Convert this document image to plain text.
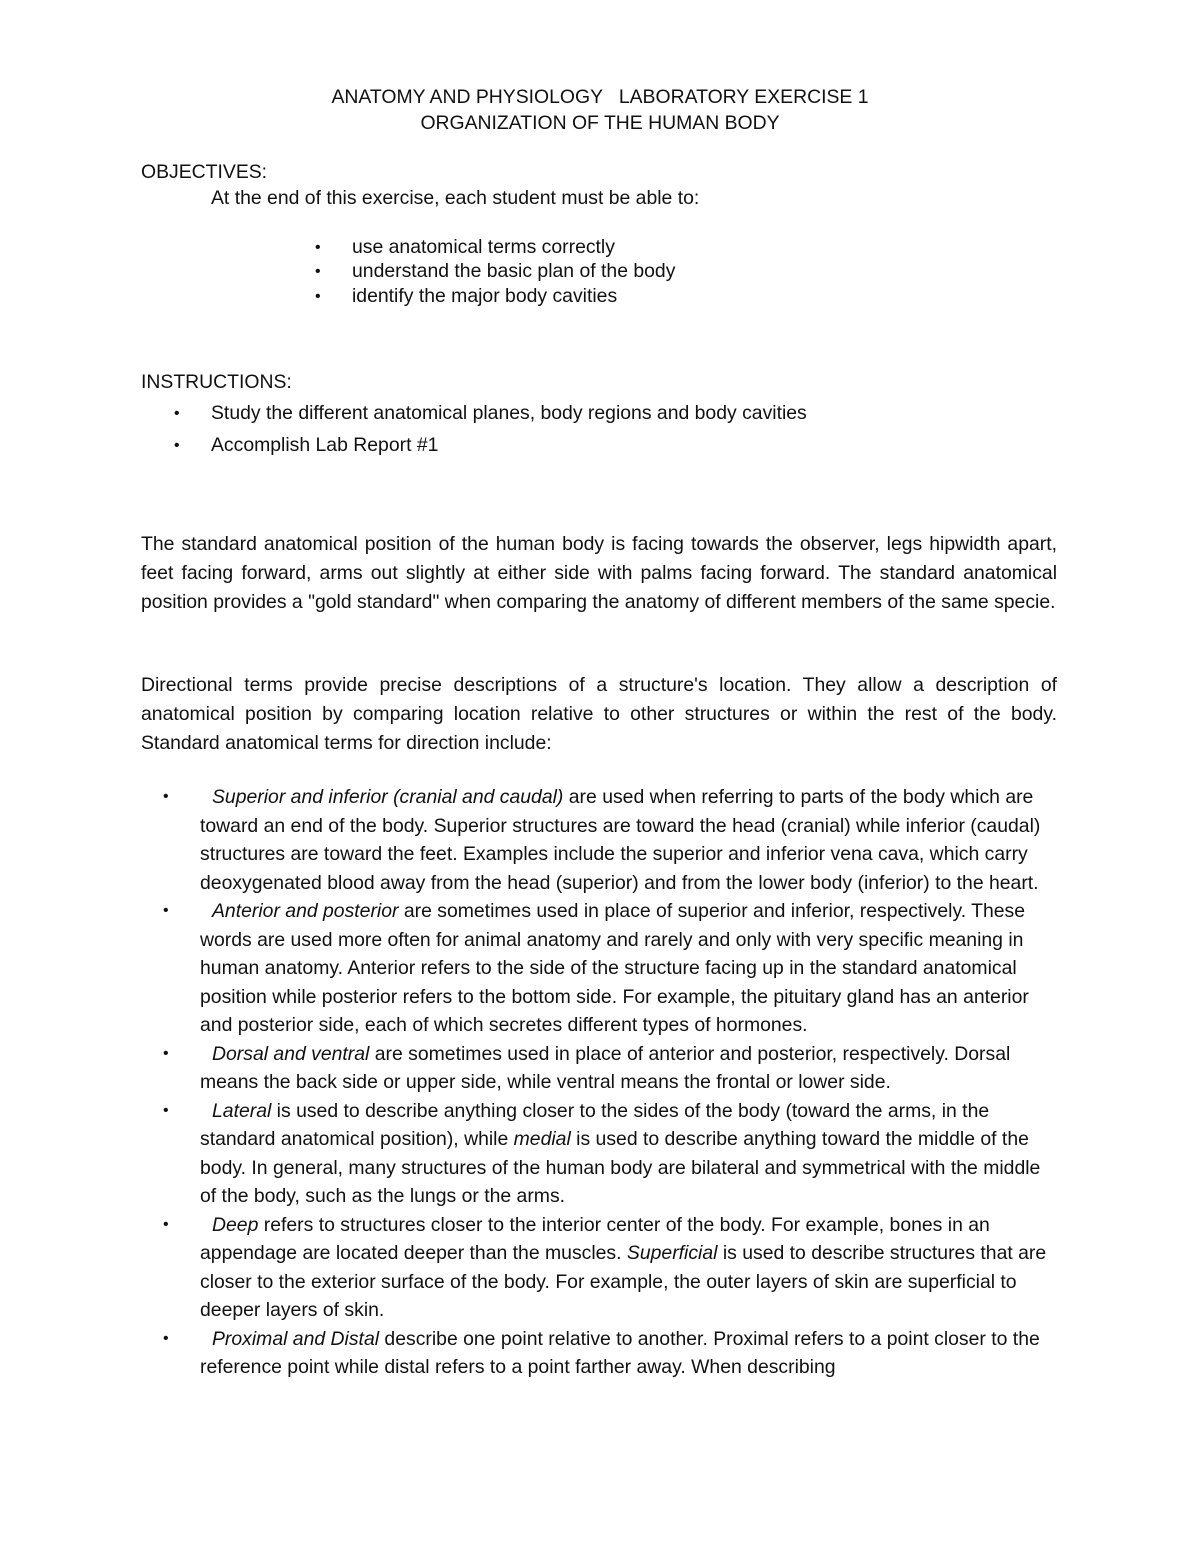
ANATOMY AND PHYSIOLOGY   LABORATORY EXERCISE 1
ORGANIZATION OF THE HUMAN BODY
OBJECTIVES:
At the end of this exercise, each student must be able to:
• use anatomical terms correctly
• understand the basic plan of the body
• identify the major body cavities
INSTRUCTIONS:
• Study the different anatomical planes, body regions and body cavities
• Accomplish Lab Report #1

The standard anatomical position of the human body is facing towards the observer, legs hipwidth apart, feet facing forward, arms out slightly at either side with palms facing forward. The standard anatomical position provides a "gold standard" when comparing the anatomy of different members of the same specie.

Directional terms provide precise descriptions of a structure's location. They allow a description of anatomical position by comparing location relative to other structures or within the rest of the body. Standard anatomical terms for direction include:

• Superior and inferior (cranial and caudal) are used when referring to parts of the body which are toward an end of the body. Superior structures are toward the head (cranial) while inferior (caudal) structures are toward the feet. Examples include the superior and inferior vena cava, which carry deoxygenated blood away from the head (superior) and from the lower body (inferior) to the heart.
• Anterior and posterior are sometimes used in place of superior and inferior, respectively. These words are used more often for animal anatomy and rarely and only with very specific meaning in human anatomy. Anterior refers to the side of the structure facing up in the standard anatomical position while posterior refers to the bottom side. For example, the pituitary gland has an anterior and posterior side, each of which secretes different types of hormones.
• Dorsal and ventral are sometimes used in place of anterior and posterior, respectively. Dorsal means the back side or upper side, while ventral means the frontal or lower side.
• Lateral is used to describe anything closer to the sides of the body (toward the arms, in the standard anatomical position), while medial is used to describe anything toward the middle of the body. In general, many structures of the human body are bilateral and symmetrical with the middle of the body, such as the lungs or the arms.
• Deep refers to structures closer to the interior center of the body. For example, bones in an appendage are located deeper than the muscles. Superficial is used to describe structures that are closer to the exterior surface of the body. For example, the outer layers of skin are superficial to deeper layers of skin.
• Proximal and Distal describe one point relative to another. Proximal refers to a point closer to the reference point while distal refers to a point farther away. When describing
